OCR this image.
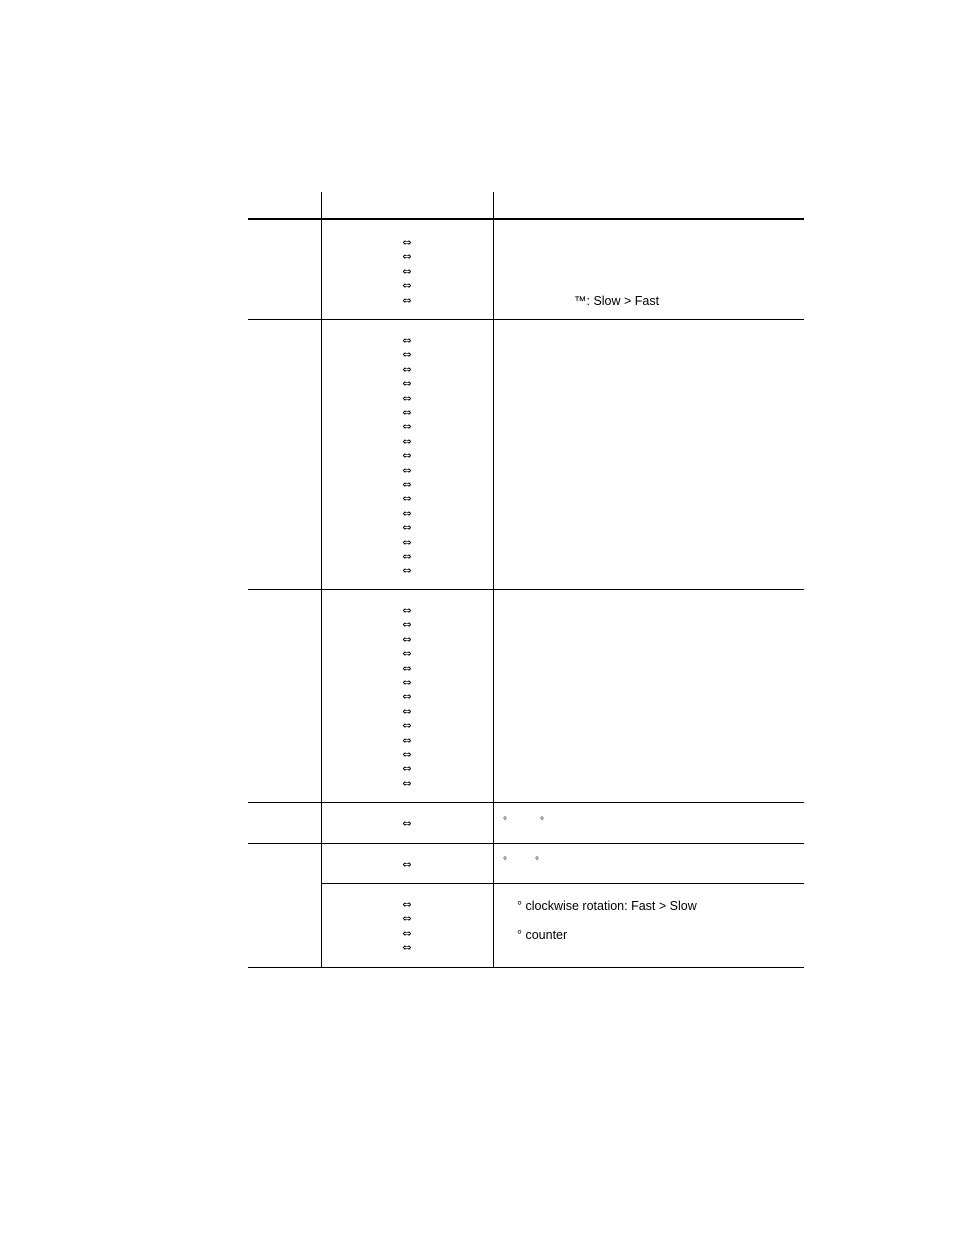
⇔
⇔
⇔
⇔
⇔
⇔
⇔
⇔
⇔
⇔
⇔
⇔
⇔
⇔
⇔
⇔
⇔
⇔
⇔
⇔
⇔
⇔
⇔
⇔
⇔
⇔
⇔
⇔
⇔
⇔
⇔
⇔
⇔
⇔
⇔
⇔
⇔
⇔
⇔
⇔
⇔
™: Slow > Fast
°	°
°	°
° clockwise rotation: Fast > Slow
° counter
